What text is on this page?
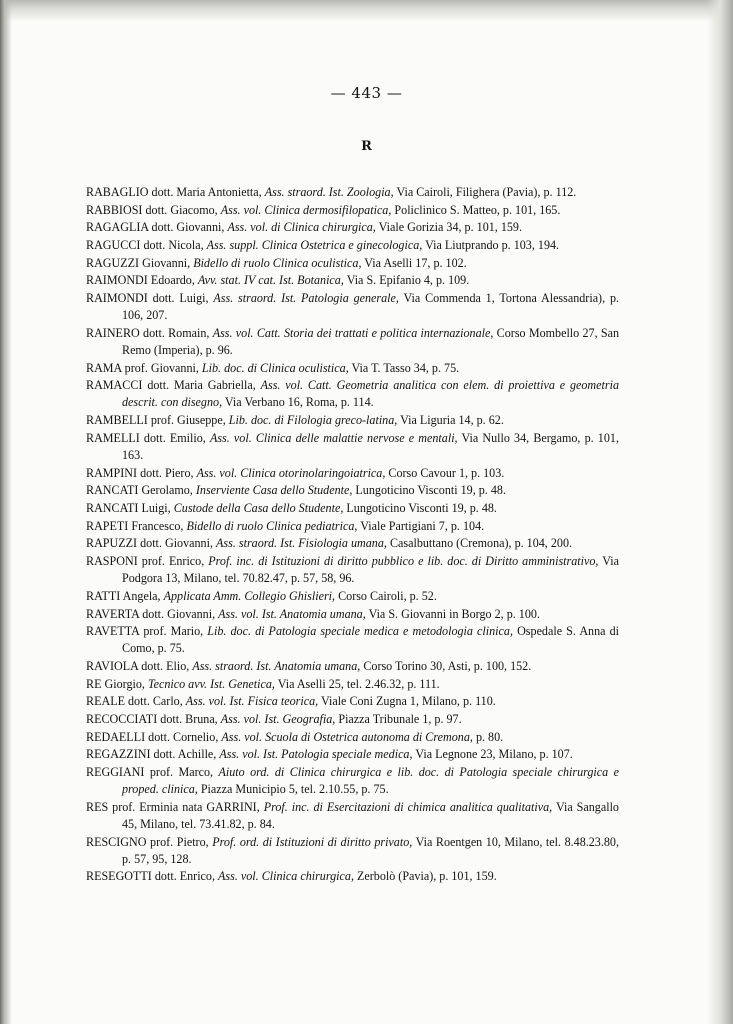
— 443 —
R
RABAGLIO dott. Maria Antonietta, Ass. straord. Ist. Zoologia, Via Cairoli, Filighera (Pavia), p. 112.
RABBIOSI dott. Giacomo, Ass. vol. Clinica dermosifilopatica, Policlinico S. Matteo, p. 101, 165.
RAGAGLIA dott. Giovanni, Ass. vol. di Clinica chirurgica, Viale Gorizia 34, p. 101, 159.
RAGUCCI dott. Nicola, Ass. suppl. Clinica Ostetrica e ginecologica, Via Liutprando p. 103, 194.
RAGUZZI Giovanni, Bidello di ruolo Clinica oculistica, Via Aselli 17, p. 102.
RAIMONDI Edoardo, Avv. stat. IV cat. Ist. Botanica, Via S. Epifanio 4, p. 109.
RAIMONDI dott. Luigi, Ass. straord. Ist. Patologia generale, Via Commenda 1, Tortona Alessandria), p. 106, 207.
RAINERO dott. Romain, Ass. vol. Catt. Storia dei trattati e politica internazionale, Corso Mombello 27, San Remo (Imperia), p. 96.
RAMA prof. Giovanni, Lib. doc. di Clinica oculistica, Via T. Tasso 34, p. 75.
RAMACCI dott. Maria Gabriella, Ass. vol. Catt. Geometria analitica con elem. di proiettiva e geometria descrit. con disegno, Via Verbano 16, Roma, p. 114.
RAMBELLI prof. Giuseppe, Lib. doc. di Filologia greco-latina, Via Liguria 14, p. 62.
RAMELLI dott. Emilio, Ass. vol. Clinica delle malattie nervose e mentali, Via Nullo 34, Bergamo, p. 101, 163.
RAMPINI dott. Piero, Ass. vol. Clinica otorinolaringoiatrica, Corso Cavour 1, p. 103.
RANCATI Gerolamo, Inserviente Casa dello Studente, Lungoticino Visconti 19, p. 48.
RANCATI Luigi, Custode della Casa dello Studente, Lungoticino Visconti 19, p. 48.
RAPETI Francesco, Bidello di ruolo Clinica pediatrica, Viale Partigiani 7, p. 104.
RAPUZZI dott. Giovanni, Ass. straord. Ist. Fisiologia umana, Casalbuttano (Cremona), p. 104, 200.
RASPONI prof. Enrico, Prof. inc. di Istituzioni di diritto pubblico e lib. doc. di Diritto amministrativo, Via Podgora 13, Milano, tel. 70.82.47, p. 57, 58, 96.
RATTI Angela, Applicata Amm. Collegio Ghislieri, Corso Cairoli, p. 52.
RAVERTA dott. Giovanni, Ass. vol. Ist. Anatomia umana, Via S. Giovanni in Borgo 2, p. 100.
RAVETTA prof. Mario, Lib. doc. di Patologia speciale medica e metodologia clinica, Ospedale S. Anna di Como, p. 75.
RAVIOLA dott. Elio, Ass. straord. Ist. Anatomia umana, Corso Torino 30, Asti, p. 100, 152.
RE Giorgio, Tecnico avv. Ist. Genetica, Via Aselli 25, tel. 2.46.32, p. 111.
REALE dott. Carlo, Ass. vol. Ist. Fisica teorica, Viale Coni Zugna 1, Milano, p. 110.
RECOCCIATI dott. Bruna, Ass. vol. Ist. Geografia, Piazza Tribunale 1, p. 97.
REDAELLI dott. Cornelio, Ass. vol. Scuola di Ostetrica autonoma di Cremona, p. 80.
REGAZZINI dott. Achille, Ass. vol. Ist. Patologia speciale medica, Via Legnone 23, Milano, p. 107.
REGGIANI prof. Marco, Aiuto ord. di Clinica chirurgica e lib. doc. di Patologia speciale chirurgica e proped. clinica, Piazza Municipio 5, tel. 2.10.55, p. 75.
RES prof. Erminia nata GARRINI, Prof. inc. di Esercitazioni di chimica analitica qualitativa, Via Sangallo 45, Milano, tel. 73.41.82, p. 84.
RESCIGNO prof. Pietro, Prof. ord. di Istituzioni di diritto privato, Via Roentgen 10, Milano, tel. 8.48.23.80, p. 57, 95, 128.
RESEGOTTI dott. Enrico, Ass. vol. Clinica chirurgica, Zerbolò (Pavia), p. 101, 159.
